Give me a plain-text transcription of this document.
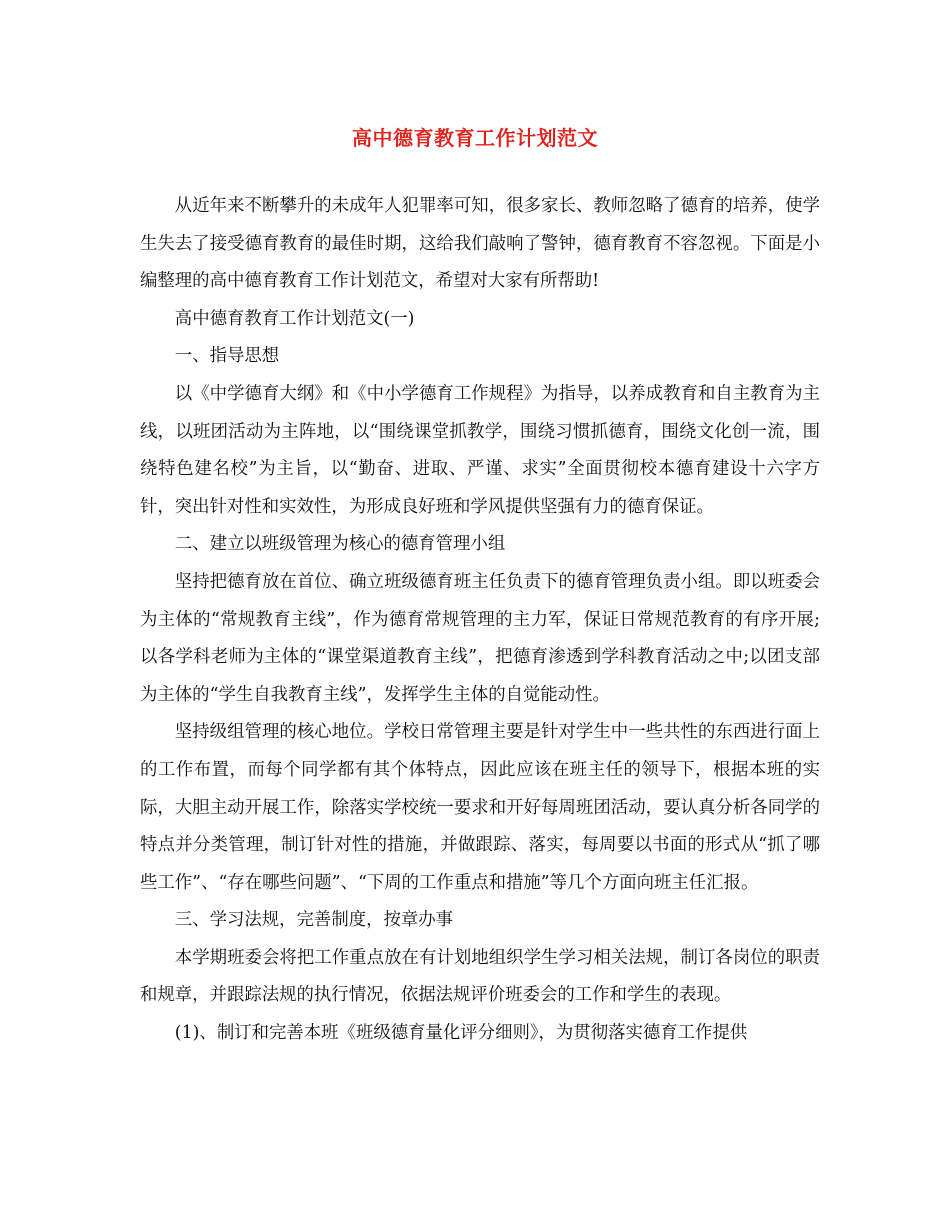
高中德育教育工作计划范文

从近年来不断攀升的未成年人犯罪率可知，很多家长、教师忽略了德育的培养，使学生失去了接受德育教育的最佳时期，这给我们敲响了警钟，德育教育不容忽视。下面是小编整理的高中德育教育工作计划范文，希望对大家有所帮助!

高中德育教育工作计划范文(一)

一、指导思想

以《中学德育大纲》和《中小学德育工作规程》为指导，以养成教育和自主教育为主线，以班团活动为主阵地，以“围绕课堂抓教学，围绕习惯抓德育，围绕文化创一流，围绕特色建名校”为主旨，以“勤奋、进取、严谨、求实”全面贯彻校本德育建设十六字方针，突出针对性和实效性，为形成良好班和学风提供坚强有力的德育保证。

二、建立以班级管理为核心的德育管理小组

坚持把德育放在首位、确立班级德育班主任负责下的德育管理负责小组。即以班委会为主体的“常规教育主线”，作为德育常规管理的主力军，保证日常规范教育的有序开展;以各学科老师为主体的“课堂渠道教育主线”，把德育渗透到学科教育活动之中;以团支部为主体的“学生自我教育主线”，发挥学生主体的自觉能动性。

坚持级组管理的核心地位。学校日常管理主要是针对学生中一些共性的东西进行面上的工作布置，而每个同学都有其个体特点，因此应该在班主任的领导下，根据本班的实际，大胆主动开展工作，除落实学校统一要求和开好每周班团活动，要认真分析各同学的特点并分类管理，制订针对性的措施，并做跟踪、落实，每周要以书面的形式从“抓了哪些工作”、“存在哪些问题”、“下周的工作重点和措施”等几个方面向班主任汇报。

三、学习法规，完善制度，按章办事

本学期班委会将把工作重点放在有计划地组织学生学习相关法规，制订各岗位的职责和规章，并跟踪法规的执行情况，依据法规评价班委会的工作和学生的表现。

(1)、制订和完善本班《班级德育量化评分细则》，为贯彻落实德育工作提供
